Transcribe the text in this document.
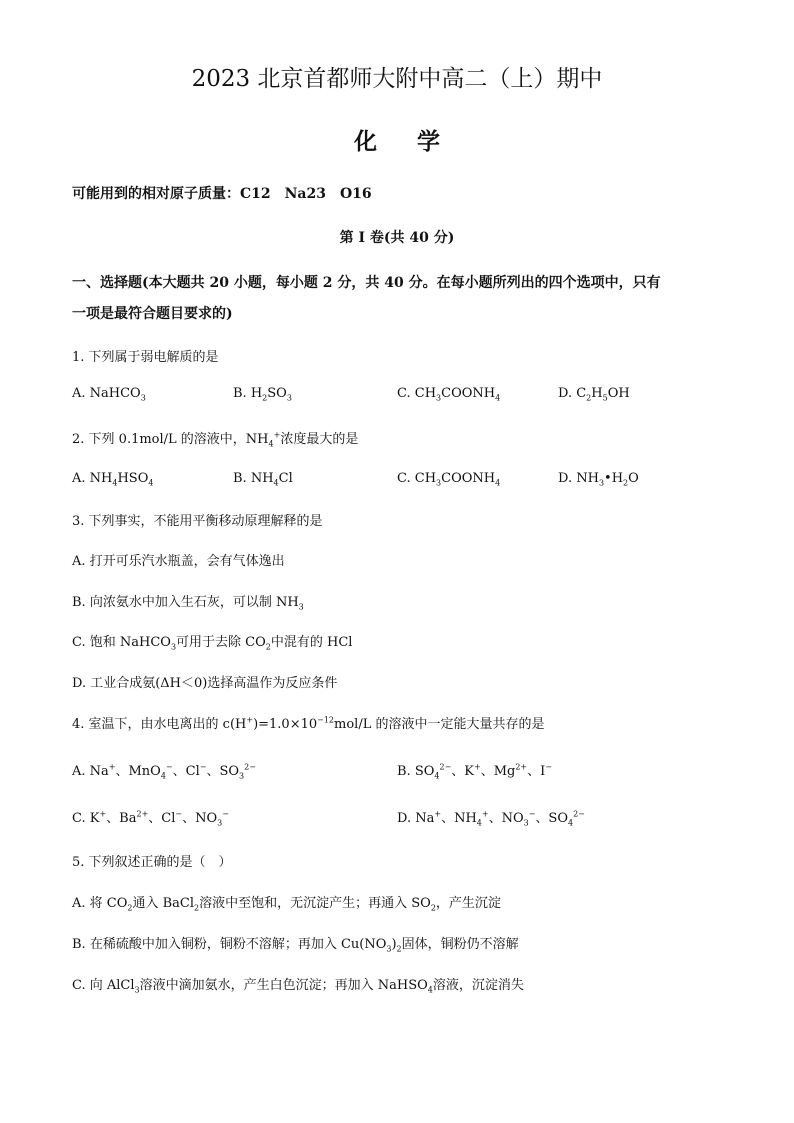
2023 北京首都师大附中高二（上）期中
化学
可能用到的相对原子质量：C12　Na23　O16
第 I 卷(共 40 分)
一、选择题(本大题共 20 小题，每小题 2 分，共 40 分。在每小题所列出的四个选项中，只有
一项是最符合题目要求的)
1. 下列属于弱电解质的是
A. NaHCO$_3$	B. $H_2SO_3$	C. $CH_3COONH_4$	D. $C_2H_5OH$
2. 下列 0.1mol/L 的溶液中，$NH_4^+$浓度最大的是
A. $NH_4HSO_4$	B. $NH_4Cl$	C. $CH_3COONH_4$	D. $NH_3•H_2O$
3. 下列事实，不能用平衡移动原理解释的是
A. 打开可乐汽水瓶盖，会有气体逸出
B. 向浓氨水中加入生石灰，可以制 $NH_3$
C. 饱和 NaHCO$_3$可用于去除 $CO_2$中混有的 HCl
D. 工业合成氨(ΔH＜0)选择高温作为反应条件
4. 室温下，由水电离出的 $c(H^+)=1.0\times 10^{-12}mol/L$ 的溶液中一定能大量共存的是
A. Na+、MnO$_4$−、Cl−、$SO_3^{2-}$	B. $SO_4^{2-}$、K+、$Mg^{2+}$、I−
C. K+、$Ba^{2+}$、Cl−、$NO_3^-$	D. Na+、$NH_4^+$、$NO_3^-$、$SO_4^{2-}$
5. 下列叙述正确的是（　）
A. 将 $CO_2$通入 BaCl$_2$溶液中至饱和，无沉淀产生；再通入 $SO_2$，产生沉淀
B. 在稀硫酸中加入铜粉，铜粉不溶解；再加入 $Cu(NO_3)_2$固体，铜粉仍不溶解
C. 向 AlCl$_3$溶液中滴加氨水，产生白色沉淀；再加入 NaHSO$_4$溶液，沉淀消失
